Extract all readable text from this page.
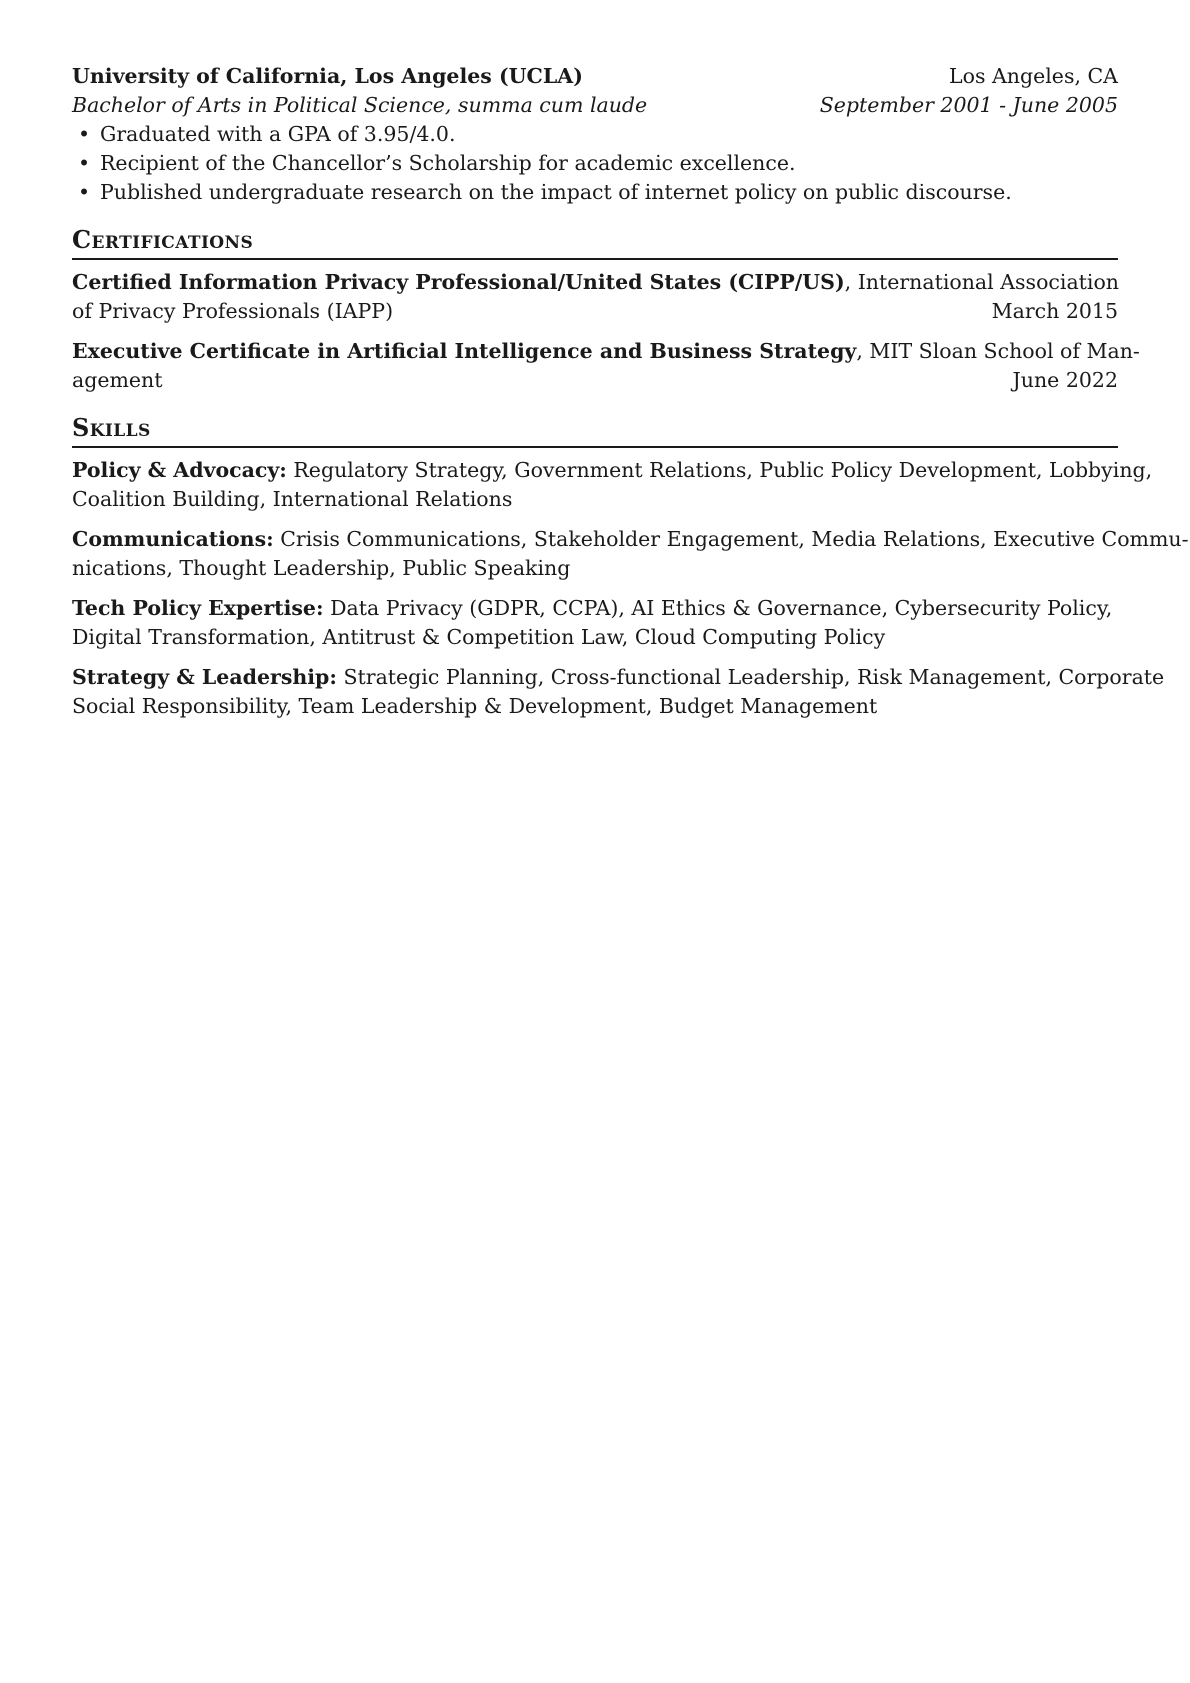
University of California, Los Angeles (UCLA)	Los Angeles, CA
Bachelor of Arts in Political Science, summa cum laude	September 2001 - June 2005
• Graduated with a GPA of 3.95/4.0.
• Recipient of the Chancellor’s Scholarship for academic excellence.
• Published undergraduate research on the impact of internet policy on public discourse.
Certifications
Certified Information Privacy Professional/United States (CIPP/US), International Association
of Privacy Professionals (IAPP)	March 2015
Executive Certificate in Artificial Intelligence and Business Strategy, MIT Sloan School of Man-
agement	June 2022
Skills
Policy & Advocacy: Regulatory Strategy, Government Relations, Public Policy Development, Lobbying,
Coalition Building, International Relations
Communications: Crisis Communications, Stakeholder Engagement, Media Relations, Executive Commu-
nications, Thought Leadership, Public Speaking
Tech Policy Expertise: Data Privacy (GDPR, CCPA), AI Ethics & Governance, Cybersecurity Policy,
Digital Transformation, Antitrust & Competition Law, Cloud Computing Policy
Strategy & Leadership: Strategic Planning, Cross-functional Leadership, Risk Management, Corporate
Social Responsibility, Team Leadership & Development, Budget Management
